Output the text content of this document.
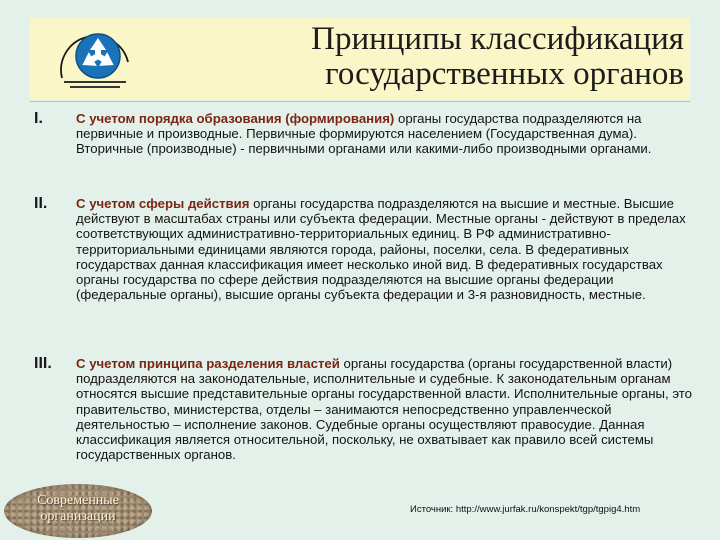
Принципы классификация
государственных органов
I.	С учетом порядка образования (формирования) органы государства подразделяются на первичные и производные. Первичные формируются населением (Государственная дума). Вторичные (производные) - первичными органами или какими-либо производными органами.
II. С учетом сферы действия органы государства подразделяются на высшие и местные. Высшие действуют в масштабах страны или субъекта федерации. Местные органы - действуют в пределах соответствующих административно-территориальных единиц. В РФ административно-территориальными единицами являются города, районы, поселки, села. В федеративных государствах данная классификация имеет несколько иной вид. В федеративных государствах органы государства по сфере действия подразделяются на высшие органы федерации (федеральные органы), высшие органы субъекта федерации и 3-я разновидность, местные.
III. С учетом принципа разделения властей органы государства (органы государственной власти) подразделяются на законодательные, исполнительные и судебные. К законодательным органам относятся высшие представительные органы государственной власти. Исполнительные органы, это правительство, министерства, отделы – занимаются непосредственно управленческой деятельностью – исполнение законов. Судебные органы осуществляют правосудие. Данная классификация является относительной, поскольку, не охватывает как правило всей системы государственных органов.
Современные
организации	Источник: http://www.jurfak.ru/konspekt/tgp/tgpig4.htm
